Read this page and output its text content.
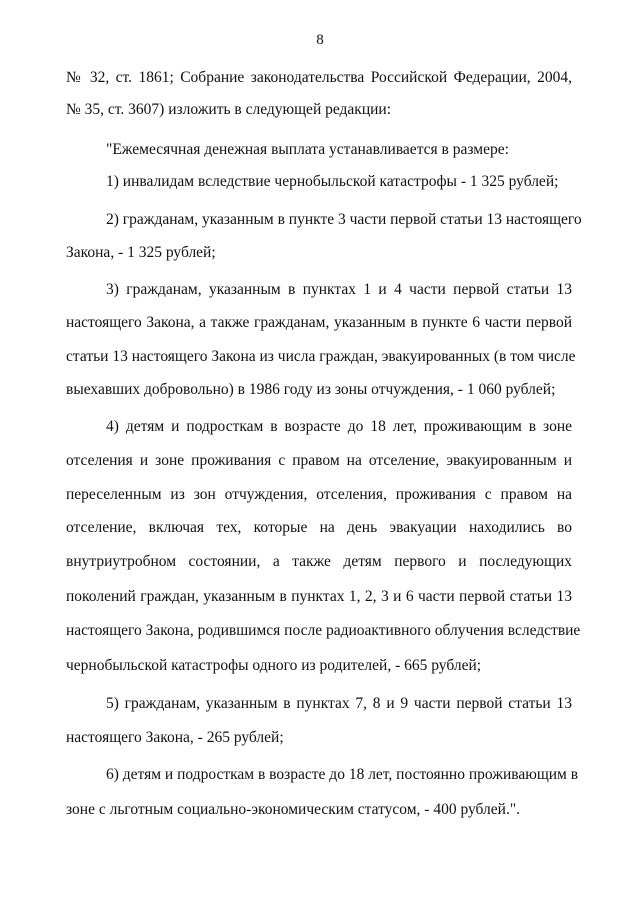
8
№ 32, ст. 1861; Собрание законодательства Российской Федерации, 2004,
№ 35, ст. 3607) изложить в следующей редакции:
"Ежемесячная денежная выплата устанавливается в размере:
1) инвалидам вследствие чернобыльской катастрофы - 1 325 рублей;
2) гражданам, указанным в пункте 3 части первой статьи 13 настоящего
Закона, - 1 325 рублей;
3) гражданам, указанным в пунктах 1 и 4 части первой статьи 13
настоящего Закона, а также гражданам, указанным в пункте 6 части первой
статьи 13 настоящего Закона из числа граждан, эвакуированных (в том числе
выехавших добровольно) в 1986 году из зоны отчуждения, - 1 060 рублей;
4) детям и подросткам в возрасте до 18 лет, проживающим в зоне
отселения и зоне проживания с правом на отселение, эвакуированным и
переселенным из зон отчуждения, отселения, проживания с правом на
отселение, включая тех, которые на день эвакуации находились во
внутриутробном состоянии, а также детям первого и последующих
поколений граждан, указанным в пунктах 1, 2, 3 и 6 части первой статьи 13
настоящего Закона, родившимся после радиоактивного облучения вследствие
чернобыльской катастрофы одного из родителей, - 665 рублей;
5) гражданам, указанным в пунктах 7, 8 и 9 части первой статьи 13
настоящего Закона, - 265 рублей;
6) детям и подросткам в возрасте до 18 лет, постоянно проживающим в
зоне с льготным социально-экономическим статусом, - 400 рублей.".
